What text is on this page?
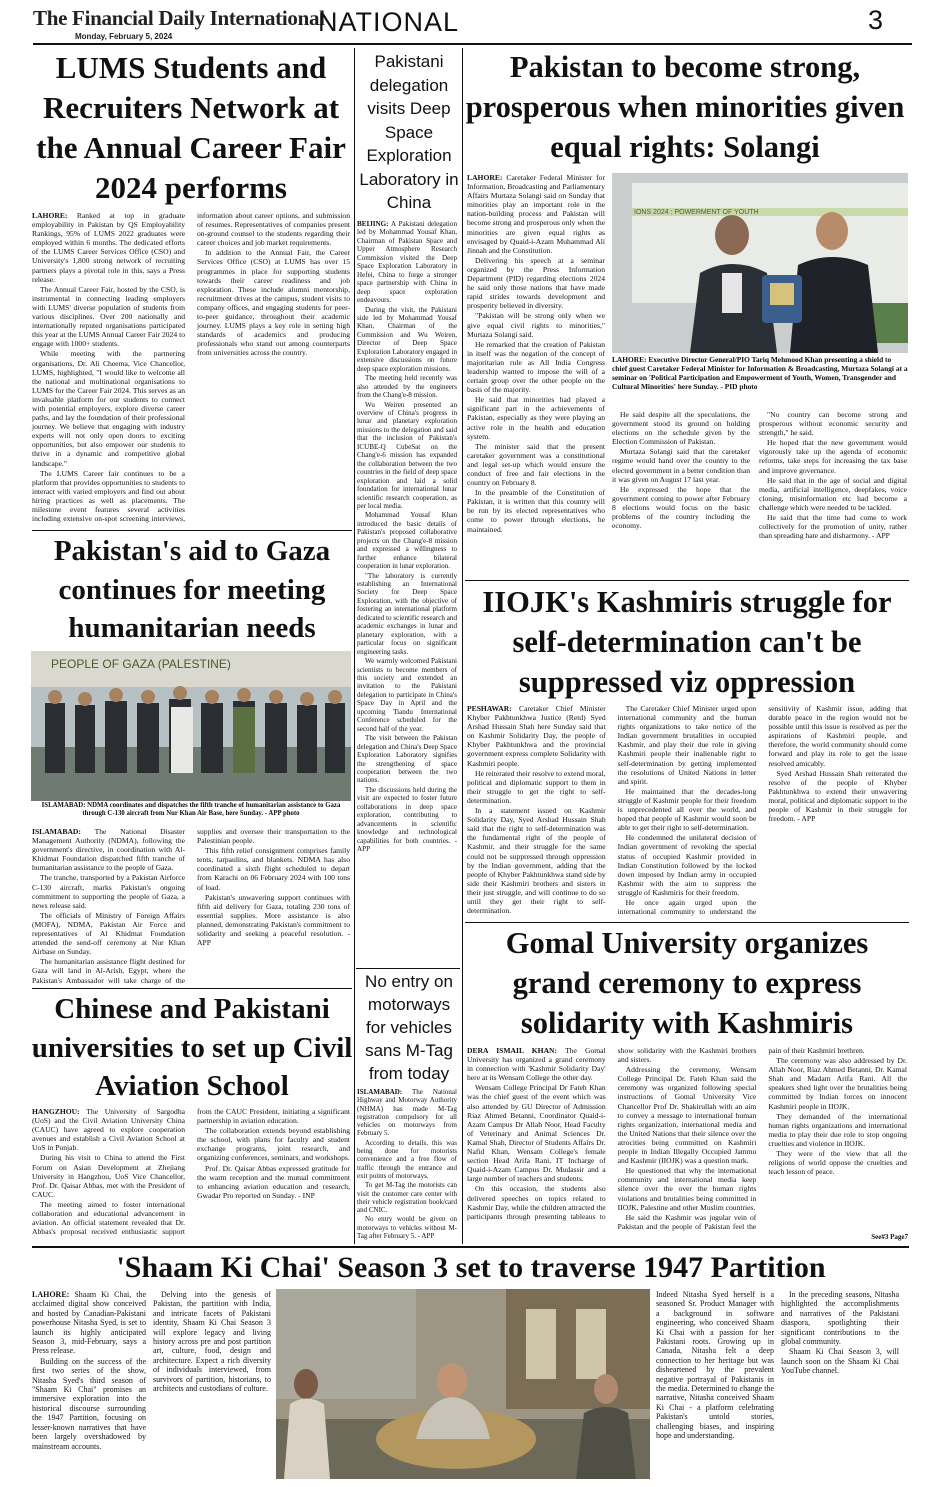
The Financial Daily International
Monday, February 5, 2024	NATIONAL	3
LUMS Students and Recruiters Network at the Annual Career Fair 2024 performs

LAHORE: Ranked at top in graduate employability in Pakistan by QS Employability Rankings, 95% of LUMS 2022 graduates were employed within 6 months. The dedicated efforts of the LUMS Career Services Office (CSO) and University's 1,800 strong network of recruiting partners plays a pivotal role in this, says a Press release.

The Annual Career Fair, hosted by the CSO, is instrumental in connecting leading employers with LUMS' diverse population of students from various disciplines. Over 200 nationally and internationally reputed organisations participated this year at the LUMS Annual Career Fair 2024 to engage with 1000+ students.

While meeting with the partnering organisations, Dr. Ali Cheema, Vice Chancellor, LUMS, highlighted, "I would like to welcome all the national and multinational organisations to LUMS for the Career Fair 2024. This serves as an invaluable platform for our students to connect with potential employers, explore diverse career paths, and lay the foundation of their professional journey. We believe that engaging with industry experts will not only open doors to exciting opportunities, but also empower our students to thrive in a dynamic and competitive global landscape."

The LUMS Career fair continues to be a platform that provides opportunities to students to interact with varied employers and find out about hiring practices as well as placements. The milestone event features several activities including extensive on-spot screening interviews, information about career options, and submission of resumes. Representatives of companies present on-ground counsel to the students regarding their career choices and job market requirements.

In addition to the Annual Fair, the Career Services Office (CSO) at LUMS has over 15 programmes in place for supporting students towards their career readiness and job exploration. These include alumni mentorship, recruitment drives at the campus, student visits to company offices, and engaging students for peer-to-peer guidance, throughout their academic journey. LUMS plays a key role in setting high standards of academics and producing professionals who stand out among counterparts from universities across the country.

Pakistani delegation visits Deep Space Exploration Laboratory in China

BEIJING: A Pakistani delegation led by Mohammad Yousaf Khan, Chairman of Pakistan Space and Upper Atmosphere Research Commission visited the Deep Space Exploration Laboratory in Hefei, China to forge a stronger space partnership with China in deep space exploration endeavours.

During the visit, the Pakistani side led by Mohammad Yousaf Khan, Chairman of the Commission and Wu Weiren, Director of Deep Space Exploration Laboratory engaged in extensive discussions on future deep space exploration missions.

The meeting held recently was also attended by the engineers from the Chang'e-8 mission.

Wu Weiren presented an overview of China's progress in lunar and planetary exploration missions to the delegation and said that the inclusion of Pakistan's ICUBE-Q CubeSat on the Chang'e-6 mission has expanded the collaboration between the two countries in the field of deep space exploration and laid a solid foundation for international lunar scientific research cooperation, as per local media.

Mohammad Yousaf Khan introduced the basic details of Pakistan's proposed collaborative projects on the Chang'e-8 mission and expressed a willingness to further enhance bilateral cooperation in lunar exploration.

"The laboratory is currently establishing an International Society for Deep Space Exploration, with the objective of fostering an international platform dedicated to scientific research and academic exchanges in lunar and planetary exploration, with a particular focus on significant engineering tasks.

We warmly welcomed Pakistani scientists to become members of this society and extended an invitation to the Pakistani delegation to participate in China's Space Day in April and the upcoming Tiandu International Conference scheduled for the second half of the year.

The visit between the Pakistan delegation and China's Deep Space Exploration Laboratory signifies the strengthening of space cooperation between the two nations.

The discussions held during the visit are expected to foster future collaborations in deep space exploration, contributing to advancements in scientific knowledge and technological capabilities for both countries. - APP

Pakistan to become strong, prosperous when minorities given equal rights: Solangi

LAHORE: Caretaker Federal Minister for Information, Broadcasting and Parliamentary Affairs Murtaza Solangi said on Sunday that minorities play an important role in the nation-building process and Pakistan will become strong and prosperous only when the minorities are given equal rights as envisaged by Quaid-i-Azam Muhammad Ali Jinnah and the Constitution.

Delivering his speech at a seminar organized by the Press Information Department (PID) regarding elections 2024 he said only those nations that have made rapid strides towards development and prosperity believed in diversity.

"Pakistan will be strong only when we give equal civil rights to minorities," Murtaza Solangi said.

He remarked that the creation of Pakistan in itself was the negation of the concept of majoritarian rule as All India Congress leadership wanted to impose the will of a certain group over the other people on the basis of the majority.

He said that minorities had played a significant part in the achievements of Pakistan, especially as they were playing an active role in the health and education system.

The minister said that the present caretaker government was a constitutional and legal set-up which would ensure the conduct of free and fair elections in the country on February 8.

In the preamble of the Constitution of Pakistan, it is written that this country will be run by its elected representatives who come to power through elections, he maintained.

IONS 2024 : POWERMENT OF YOUTH
LAHORE: Executive Director General/PIO Tariq Mehmood Khan presenting a shield to chief guest Caretaker Federal Minister for Information & Broadcasting, Murtaza Solangi at a seminar on 'Political Participation and Empowerment of Youth, Women, Transgender and Cultural Minorities' here Sunday. - PID photo

He said despite all the speculations, the government stood its ground on holding elections on the schedule given by the Election Commission of Pakistan.

Murtaza Solangi said that the caretaker regime would hand over the country to the elected government in a better condition than it was given on August 17 last year.

He expressed the hope that the government coming to power after February 8 elections would focus on the basic problems of the country including the economy.

"No country can become strong and prosperous without economic security and strength," he said.

He hoped that the new government would vigorously take up the agenda of economic reforms, take steps for increasing the tax base and improve governance.

He said that in the age of social and digital media, artificial intelligence, deepfakes, voice cloning, misinformation etc had become a challenge which were needed to be tackled.

He said that the time had come to work collectively for the promotion of unity, rather than spreading hate and disharmony. - APP

Pakistan's aid to Gaza continues for meeting humanitarian needs
PEOPLE OF GAZA (PALESTINE)
ISLAMABAD: NDMA coordinates and dispatches the fifth tranche of humanitarian assistance to Gaza through C-130 aircraft from Nur Khan Air Base, here Sunday. - APP photo

ISLAMABAD: The National Disaster Management Authority (NDMA), following the government's directive, in coordination with Al-Khidmat Foundation dispatched fifth tranche of humanitarian assistance to the people of Gaza.

The tranche, transported by a Pakistan Airforce C-130 aircraft, marks Pakistan's ongoing commitment to supporting the people of Gaza, a news release said.

The officials of Ministry of Foreign Affairs (MOFA), NDMA, Pakistan Air Force and representatives of Al Khidmat Foundation attended the send-off ceremony at Nur Khan Airbase on Sunday.

The humanitarian assistance flight destined for Gaza will land in Al-Arish, Egypt, where the Pakistan's Ambassador will take charge of the supplies and oversee their transportation to the Palestinian people.

This fifth relief consignment comprises family tents, tarpaulins, and blankets. NDMA has also coordinated a sixth flight scheduled to depart from Karachi on 06 February 2024 with 100 tons of load.

Pakistan's unwavering support continues with fifth aid delivery for Gaza, totaling 230 tons of essential supplies. More assistance is also planned, demonstrating Pakistan's commitment to solidarity and seeking a peaceful resolution. - APP

IIOJK's Kashmiris struggle for self-determination can't be suppressed viz oppression

PESHAWAR: Caretaker Chief Minister Khyber Pakhtunkhwa Justice (Retd) Syed Arshad Hussain Shah here Sunday said that on Kashmir Solidarity Day, the people of Khyber Pakhtunkhwa and the provincial government express complete Solidarity with Kashmiri people.

He reiterated their resolve to extend moral, political and diplomatic support to them in their struggle to get the right to self-determination.

In a statement issued on Kashmir Solidarity Day, Syed Arshad Hussain Shah said that the right to self-determination was the fundamental right of the people of Kashmir, and their struggle for the same could not be suppressed through oppression by the Indian government, adding that the people of Khyber Pakhtunkhwa stand side by side their Kashmiri brothers and sisters in their just struggle, and will continue to do so until they get their right to self-determination.

The Caretaker Chief Minister urged upon international community and the human rights organizations to take notice of the Indian government brutalities in occupied Kashmir, and play their due role in giving Kashmiri people their inalienable right to self-determination by getting implemented the resolutions of United Nations in letter and spirit.

He maintained that the decades-long struggle of Kashmir people for their freedom is unprecedented all over the world, and hoped that people of Kashmir would soon be able to get their right to self-determination.

He condemned the unilateral decision of Indian government of revoking the special status of occupied Kashmir provided in Indian Constitution followed by the locked down imposed by Indian army in occupied Kashmir with the aim to suppress the struggle of Kashmiris for their freedom.

He once again urged upon the international community to understand the sensitivity of Kashmir issue, adding that durable peace in the region would not be possible until this issue is resolved as per the aspirations of Kashmiri people, and therefore, the world community should come forward and play its role to get the issue resolved amicably.

Syed Arshad Hussain Shah reiterated the resolve of the people of Khyber Pakhtunkhwa to extend their unwavering moral, political and diplomatic support to the people of Kashmir in their struggle for freedom. - APP

No entry on motorways for vehicles sans M-Tag from today

ISLAMABAD: The National Highway and Motorway Authority (NHMA) has made M-Tag registration compulsory for all vehicles on motorways from February 5.

According to details, this was being done for motorists convenience and a free flow of traffic through the entrance and exit points of motorways.

To get M-Tag the motorists can visit the customer care center with their vehicle registration book/card and CNIC.

No entry would be given on motorways to vehicles without M-Tag after February 5. - APP

Chinese and Pakistani universities to set up Civil Aviation School

HANGZHOU: The University of Sargodha (UoS) and the Civil Aviation University China (CAUC) have agreed to explore cooperation avenues and establish a Civil Aviation School at UoS in Punjab.

During his visit to China to attend the First Forum on Asian Development at Zhejiang University in Hangzhou, UoS Vice Chancellor, Prof. Dr. Qaisar Abbas, met with the President of CAUC.

The meeting aimed to foster international collaboration and educational advancement in aviation. An official statement revealed that Dr. Abbas's proposal received enthusiastic support from the CAUC President, initiating a significant partnership in aviation education.

The collaboration extends beyond establishing the school, with plans for faculty and student exchange programs, joint research, and organizing conferences, seminars, and workshops.

Prof. Dr. Qaisar Abbas expressed gratitude for the warm reception and the mutual commitment to enhancing aviation education and research, Gwadar Pro reported on Sunday. - INP

Gomal University organizes grand ceremony to express solidarity with Kashmiris

DERA ISMAIL KHAN: The Gomal University has organized a grand ceremony in connection with 'Kashmir Solidarity Day' here at its Wensam College the other day.

Wensam College Principal Dr Fateh Khan was the chief guest of the event which was also attended by GU Director of Admission Riaz Ahmed Betanni, Coordinator Quaid-i-Azam Campus Dr Allah Noor, Head Faculty of Veterinary and Animal Sciences Dr. Kamal Shah, Director of Students Affairs Dr. Nafid Khan, Wensam College's female section Head Arifa Rani, IT Incharge of Quaid-i-Azam Campus Dr. Mudassir and a large number of teachers and students.

On this occasion, the students also delivered speeches on topics related to Kashmir Day, while the children attracted the participants through presenting tableaus to show solidarity with the Kashmiri brothers and sisters.

Addressing the ceremony, Wensam College Principal Dr. Fateh Khan said the ceremony was organized following special instructions of Gomal University Vice Chancellor Prof Dr. Shakirullah with an aim to convey a message to international human rights organization, international media and the United Nations that their silence over the atrocities being committed on Kashmiri people in Indian Illegally Occupied Jammu and Kashmir (IIOJK) was a question mark.

He questioned that why the international community and international media keep silence over the over the human rights violations and brutalities being committed in IIOJK, Palestine and other Muslim countries.

He said the Kashmir was jugular vein of Pakistan and the people of Pakistan feel the pain of their Kashmiri brethren.

The ceremony was also addressed by Dr. Allah Noor, Riaz Ahmed Betanni, Dr. Kamal Shah and Madam Arifa Rani. All the speakers shed light over the brutalities being committed by Indian forces on innocent Kashmiri people in IIOJK.

They demanded of the international human rights organizations and international media to play their due role to stop ongoing cruelties and violence in IIOJK.

They were of the view that all the religions of world oppose the cruelties and teach lesson of peace.

See#3 Page7
'Shaam Ki Chai' Season 3 set to traverse 1947 Partition

LAHORE: Shaam Ki Chai, the acclaimed digital show conceived and hosted by Canadian-Pakistani powerhouse Nitasha Syed, is set to launch its highly anticipated Season 3, mid-February, says a Press release.

Building on the success of the first two series of the show, Nitasha Syed's third season of "Shaam Ki Chai" promises an immersive exploration into the historical discourse surrounding the 1947 Partition, focusing on lesser-known narratives that have been largely overshadowed by mainstream accounts.

Delving into the genesis of Pakistan, the partition with India, and intricate facets of Pakistani identity, Shaam Ki Chai Season 3 will explore legacy and living history across pre and post partition art, culture, food, design and architecture. Expect a rich diversity of individuals interviewed, from survivors of partition, historians, to architects and custodians of culture.

Indeed Nitasha Syed herself is a seasoned Sr. Product Manager with a background in software engineering, who conceived Shaam Ki Chai with a passion for her Pakistani roots. Growing up in Canada, Nitasha felt a deep connection to her heritage but was disheartened by the prevalent negative portrayal of Pakistanis in the media. Determined to change the narrative, Nitasha conceived Shaam Ki Chai - a platform celebrating Pakistan's untold stories, challenging biases, and inspiring hope and understanding.

In the preceding seasons, Nitasha highlighted the accomplishments and narratives of the Pakistani diaspora, spotlighting their significant contributions to the global community.

Shaam Ki Chai Season 3, will launch soon on the Shaam Ki Chai YouTube channel.
